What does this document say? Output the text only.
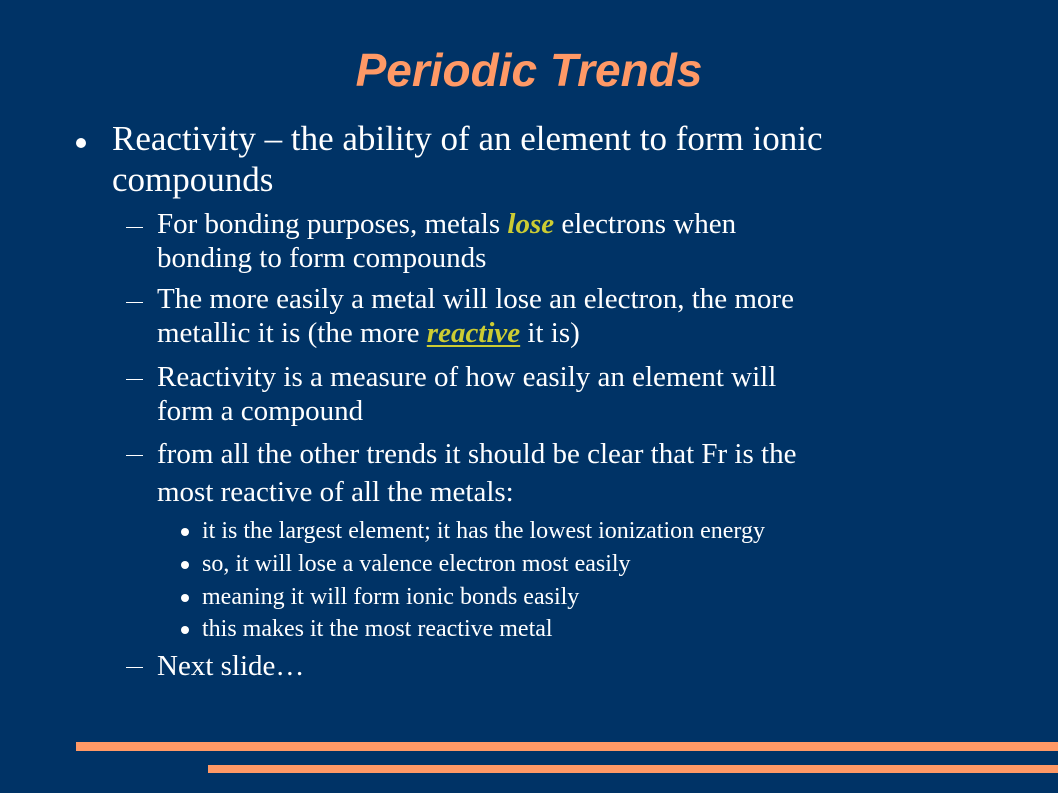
Periodic Trends
Reactivity – the ability of an element to form ionic
compounds
For bonding purposes, metals lose electrons when
bonding to form compounds
The more easily a metal will lose an electron, the more
metallic it is (the more reactive it is)
Reactivity is a measure of how easily an element will
form a compound
from all the other trends it should be clear that Fr is the
most reactive of all the metals:
it is the largest element; it has the lowest ionization energy
so, it will lose a valence electron most easily
meaning it will form ionic bonds easily
this makes it the most reactive metal
Next slide…
